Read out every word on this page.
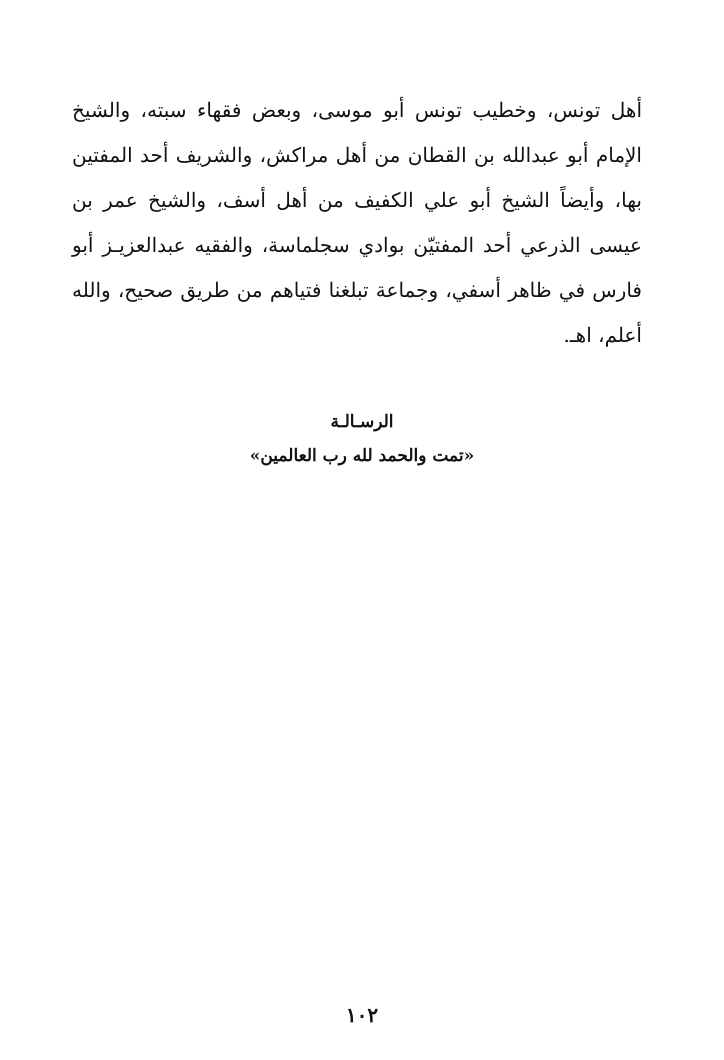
أهل تونس، وخطيب تونس أبو موسى، وبعض فقهاء سبته، والشيخ
الإمام أبو عبدالله بن القطان من أهل مراكش، والشريف أحد المفتين
بها، وأيضاً الشيخ أبو علي الكفيف من أهل أسف، والشيخ عمر بن
عيسى الذرعي أحد المفتيّن بوادي سجلماسة، والفقيه عبدالعزيـز أبو
فارس في ظاهر أسفي، وجماعة تبلغنا فتياهم من طريق صحيح، والله
أعلم، اهـ.
الرسـالـة
«تمت والحمد لله رب العالمين»
١٠٢
